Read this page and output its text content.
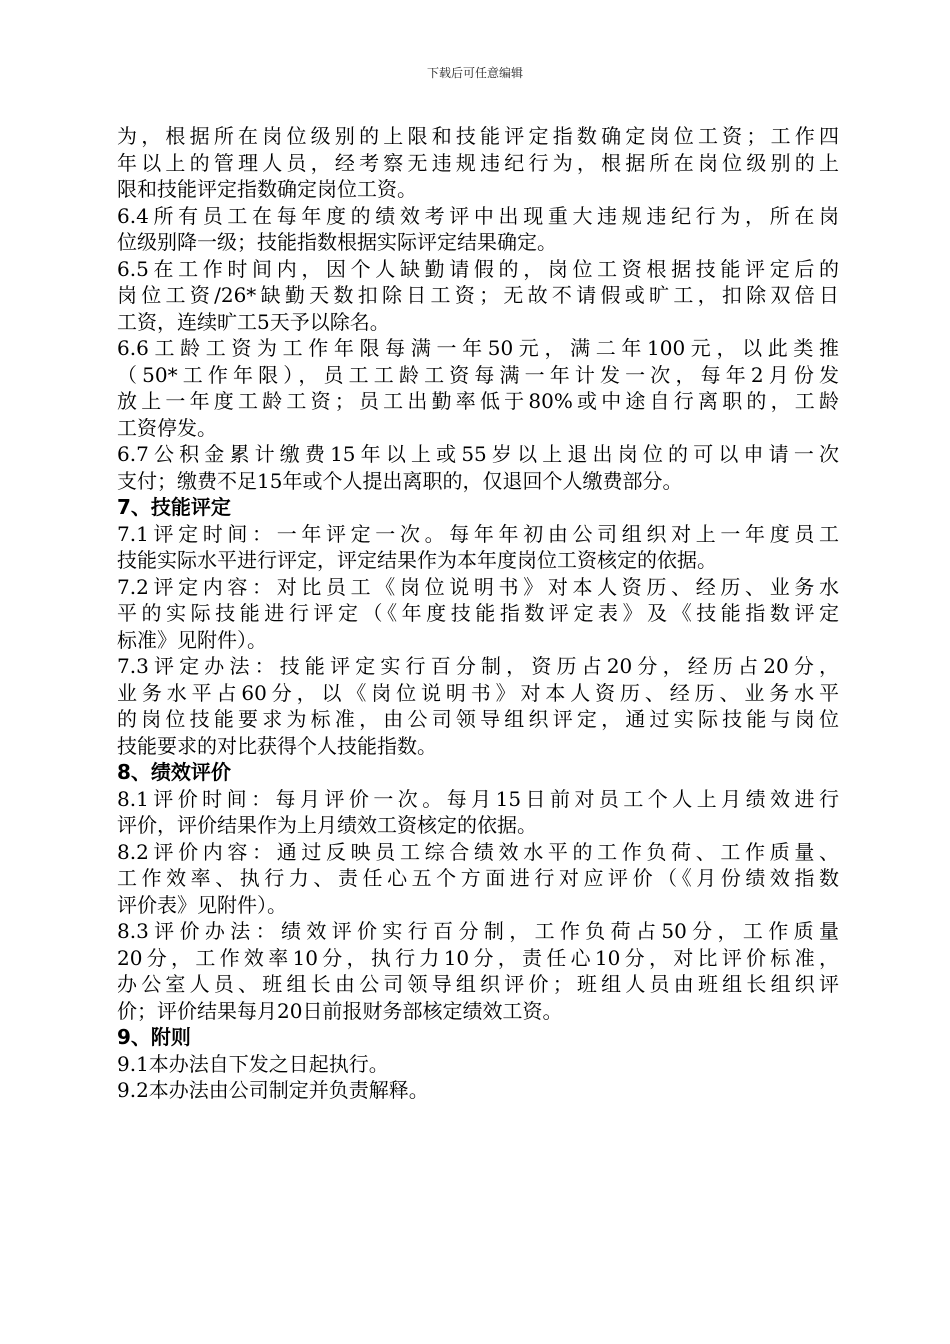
下载后可任意编辑
为，根据所在岗位级别的上限和技能评定指数确定岗位工资；工作四
年以上的管理人员，经考察无违规违纪行为，根据所在岗位级别的上
限和技能评定指数确定岗位工资。
6.4所有员工在每年度的绩效考评中出现重大违规违纪行为，所在岗
位级别降一级；技能指数根据实际评定结果确定。
6.5在工作时间内，因个人缺勤请假的，岗位工资根据技能评定后的
岗位工资/26*缺勤天数扣除日工资；无故不请假或旷工，扣除双倍日
工资，连续旷工5天予以除名。
6.6工龄工资为工作年限每满一年50元，满二年100元，以此类推
（50*工作年限），员工工龄工资每满一年计发一次，每年2月份发
放上一年度工龄工资；员工出勤率低于80%或中途自行离职的，工龄
工资停发。
6.7公积金累计缴费15年以上或55岁以上退出岗位的可以申请一次
支付；缴费不足15年或个人提出离职的，仅退回个人缴费部分。
7、技能评定
7.1评定时间：一年评定一次。每年年初由公司组织对上一年度员工
技能实际水平进行评定，评定结果作为本年度岗位工资核定的依据。
7.2评定内容：对比员工《岗位说明书》对本人资历、经历、业务水
平的实际技能进行评定（《年度技能指数评定表》及《技能指数评定
标准》见附件）。
7.3评定办法：技能评定实行百分制，资历占20分，经历占20分，
业务水平占60分，以《岗位说明书》对本人资历、经历、业务水平
的岗位技能要求为标准，由公司领导组织评定，通过实际技能与岗位
技能要求的对比获得个人技能指数。
8、绩效评价
8.1评价时间：每月评价一次。每月15日前对员工个人上月绩效进行
评价，评价结果作为上月绩效工资核定的依据。
8.2评价内容：通过反映员工综合绩效水平的工作负荷、工作质量、
工作效率、执行力、责任心五个方面进行对应评价（《月份绩效指数
评价表》见附件）。
8.3评价办法：绩效评价实行百分制，工作负荷占50分，工作质量
20分，工作效率10分，执行力10分，责任心10分，对比评价标准，
办公室人员、班组长由公司领导组织评价；班组人员由班组长组织评
价；评价结果每月20日前报财务部核定绩效工资。
9、附则
9.1本办法自下发之日起执行。
9.2本办法由公司制定并负责解释。
